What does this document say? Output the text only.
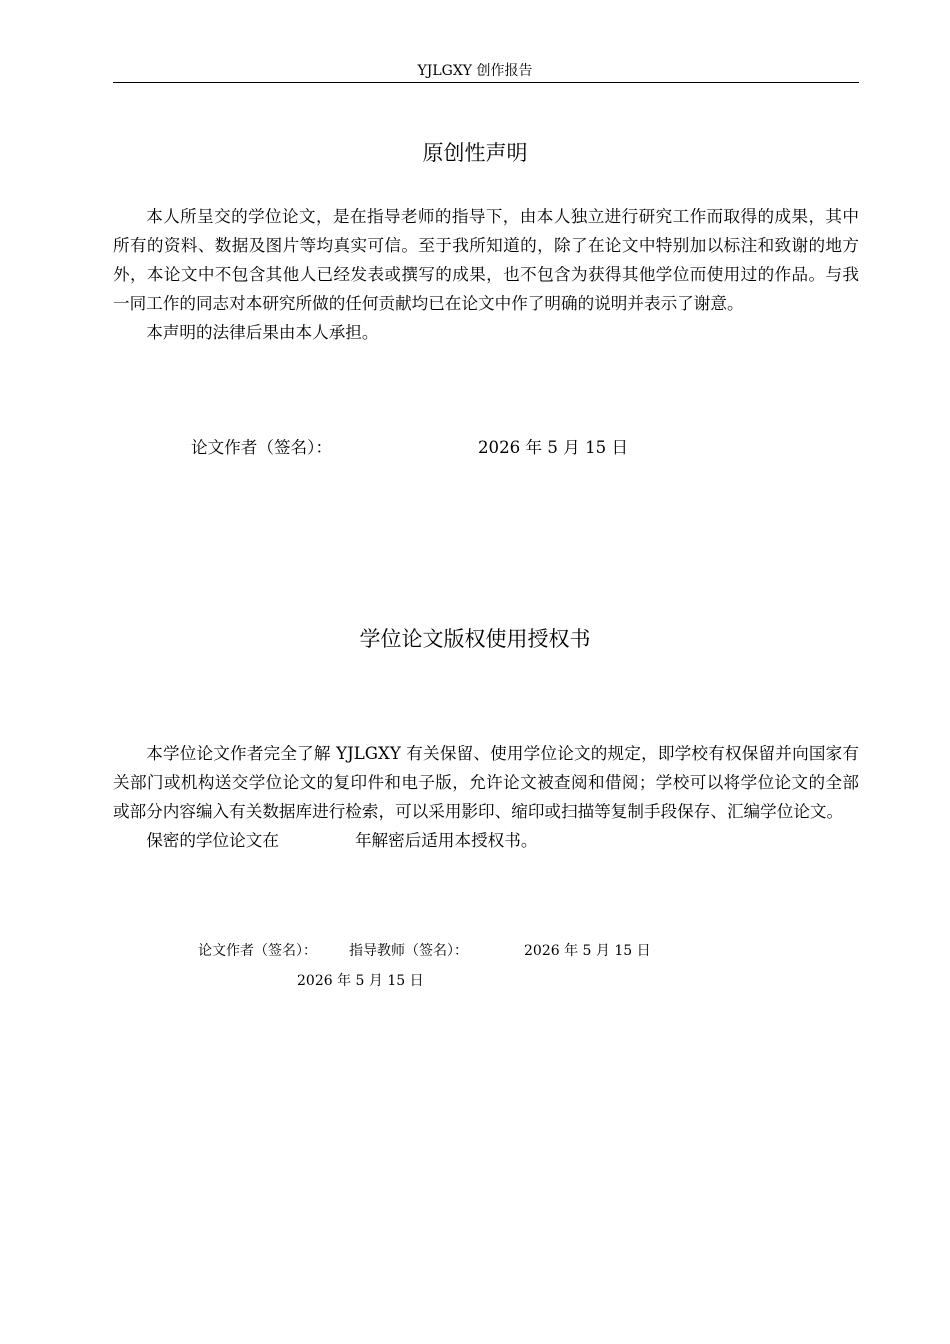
YJLGXY 创作报告
原创性声明

本人所呈交的学位论文，是在指导老师的指导下，由本人独立进行研究工作而取得的成果，其中所有的资料、数据及图片等均真实可信。至于我所知道的，除了在论文中特别加以标注和致谢的地方外，本论文中不包含其他人已经发表或撰写的成果，也不包含为获得其他学位而使用过的作品。与我一同工作的同志对本研究所做的任何贡献均已在论文中作了明确的说明并表示了谢意。

本声明的法律后果由本人承担。

论文作者（签名）：	2026 年 5 月 15 日
学位论文版权使用授权书

本学位论文作者完全了解 YJLGXY 有关保留、使用学位论文的规定，即学校有权保留并向国家有关部门或机构送交学位论文的复印件和电子版，允许论文被查阅和借阅；学校可以将学位论文的全部或部分内容编入有关数据库进行检索，可以采用影印、缩印或扫描等复制手段保存、汇编学位论文。

保密的学位论文在	年解密后适用本授权书。

论文作者（签名）： 指导教师（签名）：	2026 年 5 月 15 日
2026 年 5 月 15 日
